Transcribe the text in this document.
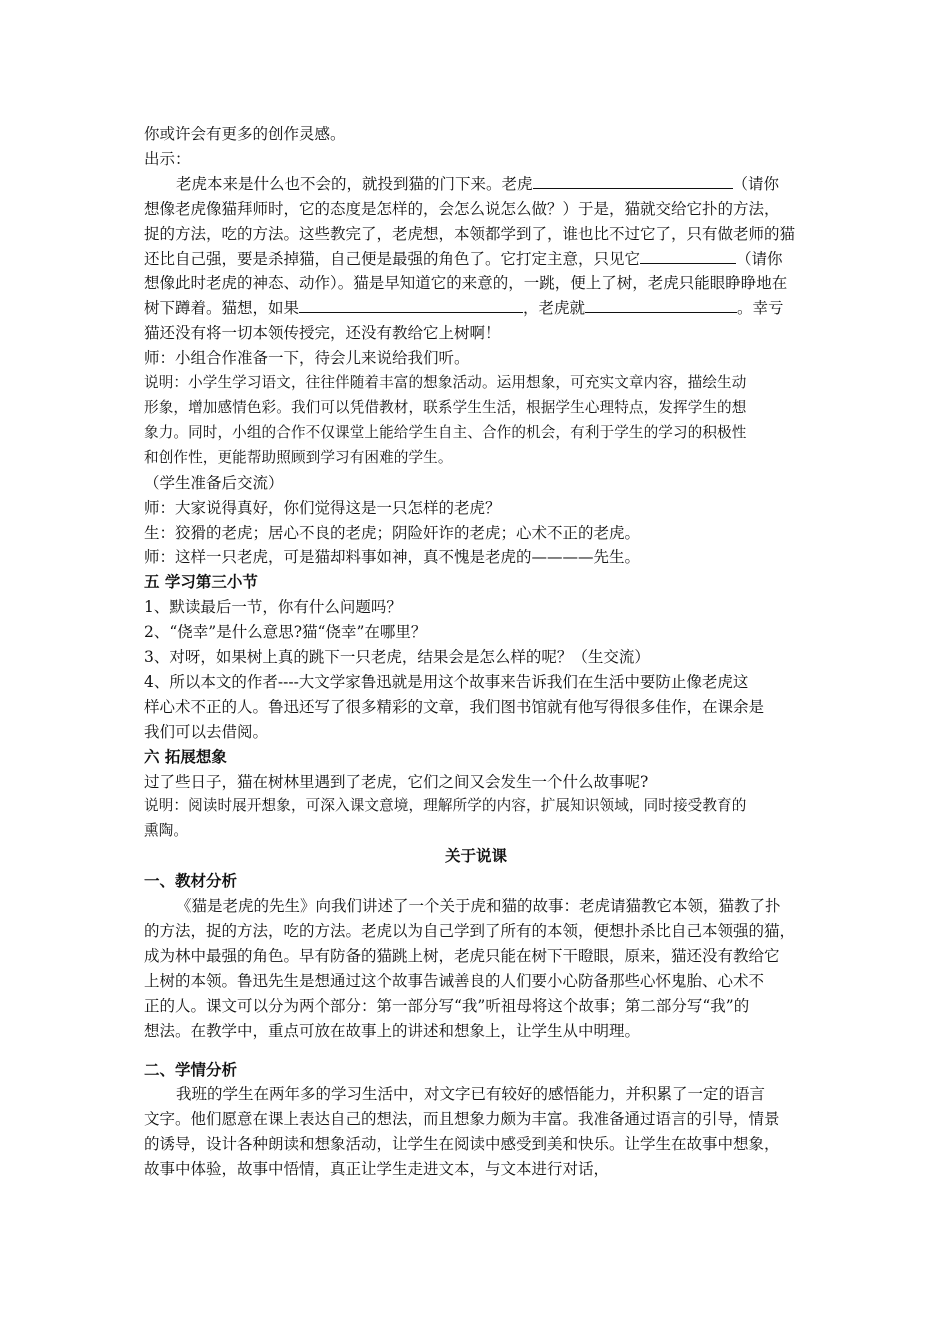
你或许会有更多的创作灵感。
出示：
老虎本来是什么也不会的，就投到猫的门下来。老虎	（请你
想像老虎像猫拜师时，它的态度是怎样的，会怎么说怎么做？）于是，猫就交给它扑的方法，
捉的方法，吃的方法。这些教完了，老虎想，本领都学到了，谁也比不过它了，只有做老师的猫
还比自己强，要是杀掉猫，自己便是最强的角色了。它打定主意，只见它	（请你
想像此时老虎的神态、动作）。猫是早知道它的来意的，一跳，便上了树，老虎只能眼睁睁地在
树下蹲着。猫想，如果	，老虎就	。幸亏
猫还没有将一切本领传授完，还没有教给它上树啊！
师：小组合作准备一下，待会儿来说给我们听。
说明：小学生学习语文，往往伴随着丰富的想象活动。运用想象，可充实文章内容，描绘生动
形象，增加感情色彩。我们可以凭借教材，联系学生生活，根据学生心理特点，发挥学生的想
象力。同时，小组的合作不仅课堂上能给学生自主、合作的机会，有利于学生的学习的积极性
和创作性，更能帮助照顾到学习有困难的学生。
（学生准备后交流）
师：大家说得真好，你们觉得这是一只怎样的老虎？
生：狡猾的老虎；居心不良的老虎；阴险奸诈的老虎；心术不正的老虎。
师：这样一只老虎，可是猫却料事如神，真不愧是老虎的————先生。
五 学习第三小节
1、默读最后一节，你有什么问题吗？
2、“侥幸”是什么意思?猫“侥幸”在哪里？
3、对呀，如果树上真的跳下一只老虎，结果会是怎么样的呢？（生交流）
4、所以本文的作者----大文学家鲁迅就是用这个故事来告诉我们在生活中要防止像老虎这
样心术不正的人。鲁迅还写了很多精彩的文章，我们图书馆就有他写得很多佳作，在课余是
我们可以去借阅。
六 拓展想象
过了些日子，猫在树林里遇到了老虎，它们之间又会发生一个什么故事呢?
说明：阅读时展开想象，可深入课文意境，理解所学的内容，扩展知识领域，同时接受教育的
熏陶。
关于说课
一、教材分析
《猫是老虎的先生》向我们讲述了一个关于虎和猫的故事：老虎请猫教它本领，猫教了扑
的方法，捉的方法，吃的方法。老虎以为自己学到了所有的本领，便想扑杀比自己本领强的猫，
成为林中最强的角色。早有防备的猫跳上树，老虎只能在树下干瞪眼，原来，猫还没有教给它
上树的本领。鲁迅先生是想通过这个故事告诫善良的人们要小心防备那些心怀鬼胎、心术不
正的人。课文可以分为两个部分：第一部分写“我”听祖母将这个故事；第二部分写“我”的
想法。在教学中，重点可放在故事上的讲述和想象上，让学生从中明理。
二、学情分析
我班的学生在两年多的学习生活中，对文字已有较好的感悟能力，并积累了一定的语言
文字。他们愿意在课上表达自己的想法，而且想象力颇为丰富。我准备通过语言的引导，情景
的诱导，设计各种朗读和想象活动，让学生在阅读中感受到美和快乐。让学生在故事中想象，
故事中体验，故事中悟情，真正让学生走进文本，与文本进行对话，
